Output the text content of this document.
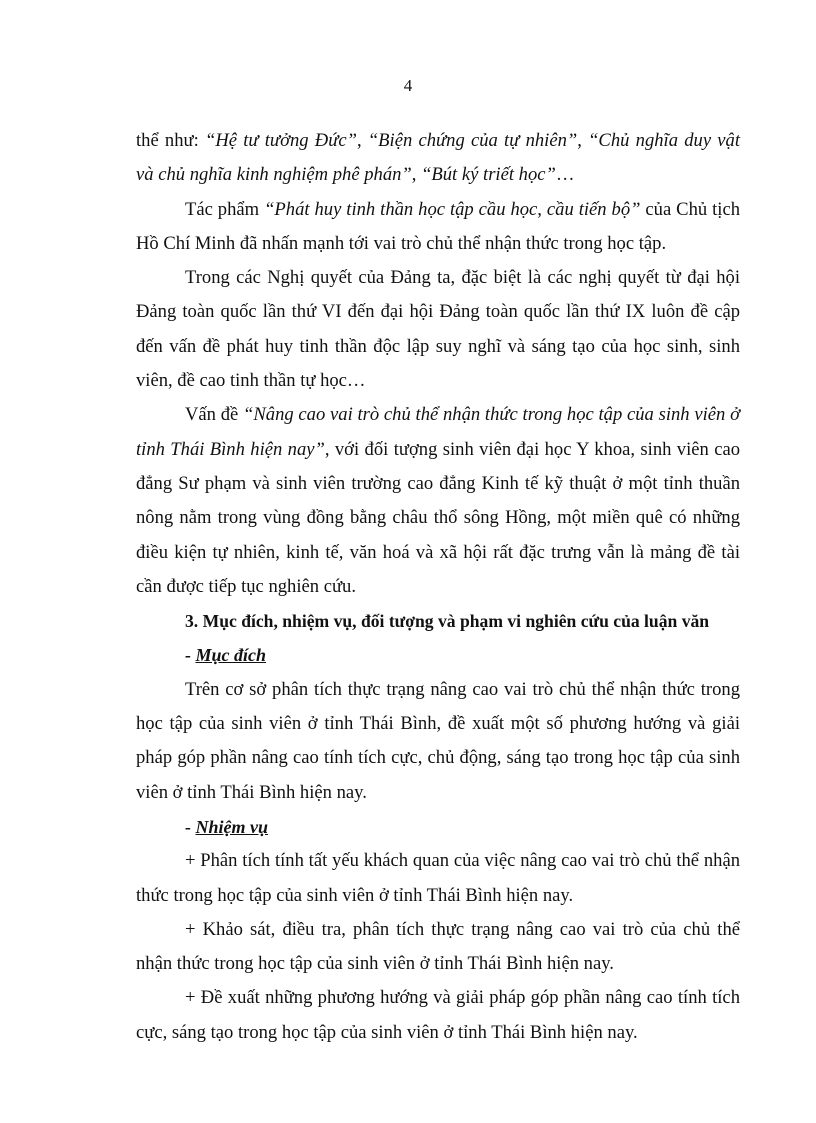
4

thể như: “Hệ tư tưởng Đức”, “Biện chứng của tự nhiên”, “Chủ nghĩa duy vật và chủ nghĩa kinh nghiệm phê phán”, “Bút ký triết học”…

Tác phẩm “Phát huy tinh thần học tập cầu học, cầu tiến bộ” của Chủ tịch Hồ Chí Minh đã nhấn mạnh tới vai trò chủ thể nhận thức trong học tập.

Trong các Nghị quyết của Đảng ta, đặc biệt là các nghị quyết từ đại hội Đảng toàn quốc lần thứ VI đến đại hội Đảng toàn quốc lần thứ IX luôn đề cập đến vấn đề phát huy tinh thần độc lập suy nghĩ và sáng tạo của học sinh, sinh viên, đề cao tinh thần tự học…

Vấn đề “Nâng cao vai trò chủ thể nhận thức trong học tập của sinh viên ở tỉnh Thái Bình hiện nay”, với đối tượng sinh viên đại học Y khoa, sinh viên cao đẳng Sư phạm và sinh viên trường cao đẳng Kinh tế kỹ thuật ở một tỉnh thuần nông nằm trong vùng đồng bằng châu thổ sông Hồng, một miền quê có những điều kiện tự nhiên, kinh tế, văn hoá và xã hội rất đặc trưng vẫn là mảng đề tài cần được tiếp tục nghiên cứu.

3. Mục đích, nhiệm vụ, đối tượng và phạm vi nghiên cứu của luận văn

- Mục đích

Trên cơ sở phân tích thực trạng nâng cao vai trò chủ thể nhận thức trong học tập của sinh viên ở tỉnh Thái Bình, đề xuất một số phương hướng và giải pháp góp phần nâng cao tính tích cực, chủ động, sáng tạo trong học tập của sinh viên ở tỉnh Thái Bình hiện nay.

- Nhiệm vụ

+ Phân tích tính tất yếu khách quan của việc nâng cao vai trò chủ thể nhận thức trong học tập của sinh viên ở tỉnh Thái Bình hiện nay.

+ Khảo sát, điều tra, phân tích thực trạng nâng cao vai trò của chủ thể nhận thức trong học tập của sinh viên ở tỉnh Thái Bình hiện nay.

+ Đề xuất những phương hướng và giải pháp góp phần nâng cao tính tích cực, sáng tạo trong học tập của sinh viên ở tỉnh Thái Bình hiện nay.
